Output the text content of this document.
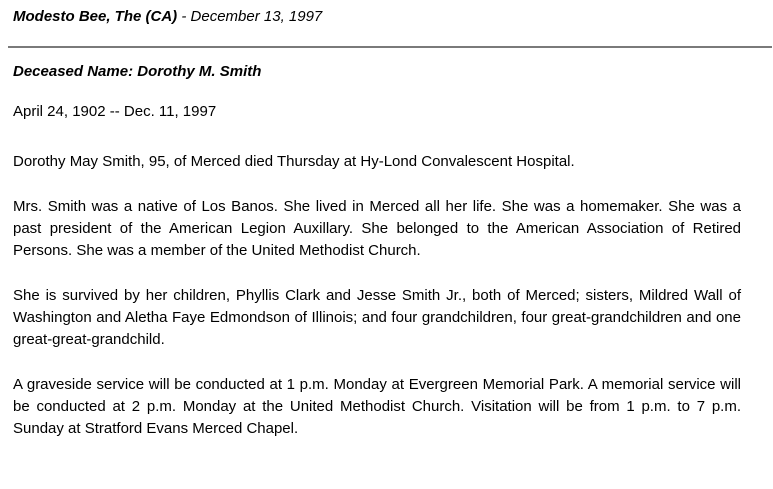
Modesto Bee, The (CA) - December 13, 1997

Deceased Name: Dorothy M. Smith

April 24, 1902 -- Dec. 11, 1997

Dorothy May Smith, 95, of Merced died Thursday at Hy-Lond Convalescent Hospital.

Mrs. Smith was a native of Los Banos. She lived in Merced all her life. She was a homemaker. She was a past president of the American Legion Auxillary. She belonged to the American Association of Retired Persons. She was a member of the United Methodist Church.

She is survived by her children, Phyllis Clark and Jesse Smith Jr., both of Merced; sisters, Mildred Wall of Washington and Aletha Faye Edmondson of Illinois; and four grandchildren, four great-grandchildren and one great-great-grandchild.

A graveside service will be conducted at 1 p.m. Monday at Evergreen Memorial Park. A memorial service will be conducted at 2 p.m. Monday at the United Methodist Church. Visitation will be from 1 p.m. to 7 p.m. Sunday at Stratford Evans Merced Chapel.
